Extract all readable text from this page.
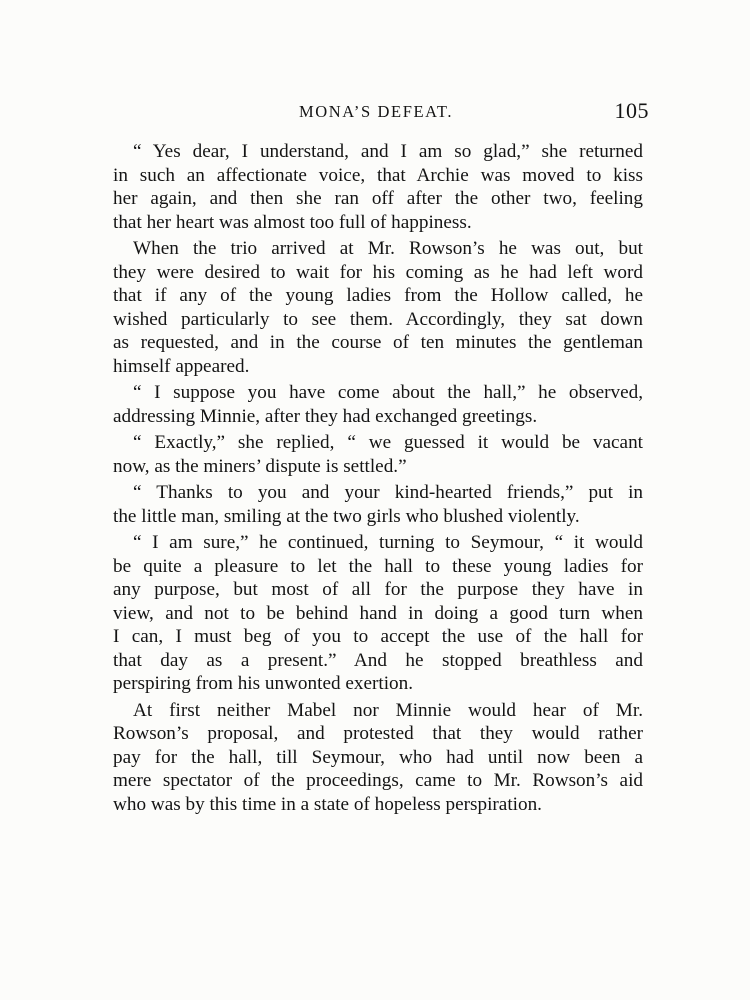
MONA’S DEFEAT.	105
“ Yes dear, I understand, and I am so glad,” she returned
in such an affectionate voice, that Archie was moved to kiss
her again, and then she ran off after the other two, feeling
that her heart was almost too full of happiness.
When the trio arrived at Mr. Rowson’s he was out, but
they were desired to wait for his coming as he had left word
that if any of the young ladies from the Hollow called, he
wished particularly to see them. Accordingly, they sat down
as requested, and in the course of ten minutes the gentleman
himself appeared.
“ I suppose you have come about the hall,” he observed,
addressing Minnie, after they had exchanged greetings.
“ Exactly,” she replied, “ we guessed it would be vacant
now, as the miners’ dispute is settled.”
“ Thanks to you and your kind-hearted friends,” put in
the little man, smiling at the two girls who blushed violently.
“ I am sure,” he continued, turning to Seymour, “ it would
be quite a pleasure to let the hall to these young ladies for
any purpose, but most of all for the purpose they have in
view, and not to be behind hand in doing a good turn when
I can, I must beg of you to accept the use of the hall for
that day as a present.” And he stopped breathless and
perspiring from his unwonted exertion.
At first neither Mabel nor Minnie would hear of Mr.
Rowson’s proposal, and protested that they would rather
pay for the hall, till Seymour, who had until now been a
mere spectator of the proceedings, came to Mr. Rowson’s aid
who was by this time in a state of hopeless perspiration.
